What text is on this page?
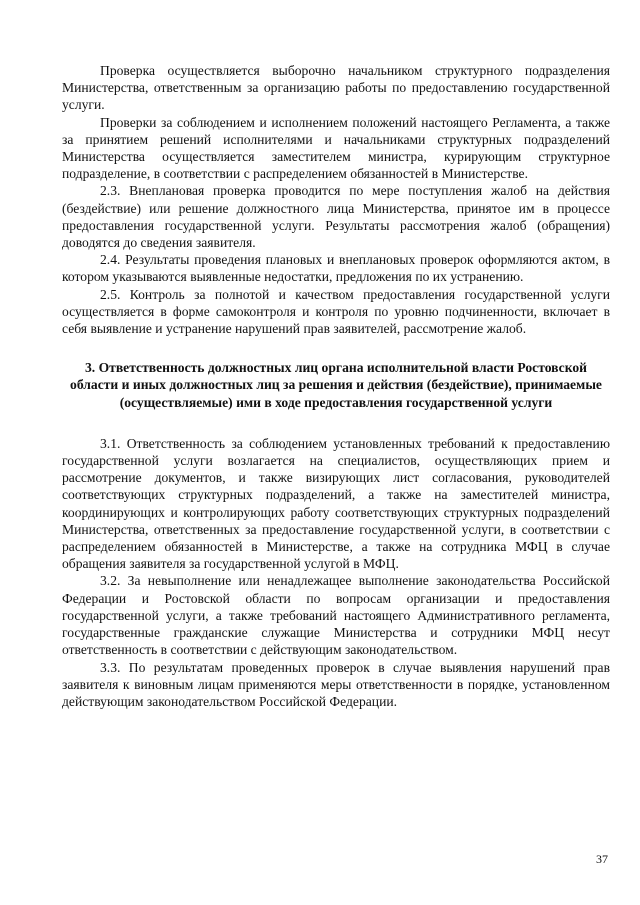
Проверка осуществляется выборочно начальником структурного подразделения Министерства, ответственным за организацию работы по предоставлению государственной услуги.

Проверки за соблюдением и исполнением положений настоящего Регламента, а также за принятием решений исполнителями и начальниками структурных подразделений Министерства осуществляется заместителем министра, курирующим структурное подразделение, в соответствии с распределением обязанностей в Министерстве.

2.3. Внеплановая проверка проводится по мере поступления жалоб на действия (бездействие) или решение должностного лица Министерства, принятое им в процессе предоставления государственной услуги. Результаты рассмотрения жалоб (обращения) доводятся до сведения заявителя.

2.4. Результаты проведения плановых и внеплановых проверок оформляются актом, в котором указываются выявленные недостатки, предложения по их устранению.

2.5. Контроль за полнотой и качеством предоставления государственной услуги осуществляется в форме самоконтроля и контроля по уровню подчиненности, включает в себя выявление и устранение нарушений прав заявителей, рассмотрение жалоб.

3. Ответственность должностных лиц органа исполнительной власти Ростовской области и иных должностных лиц за решения и действия (бездействие), принимаемые (осуществляемые) ими в ходе предоставления государственной услуги

3.1. Ответственность за соблюдением установленных требований к предоставлению государственной услуги возлагается на специалистов, осуществляющих прием и рассмотрение документов, и также визирующих лист согласования, руководителей соответствующих структурных подразделений, а также на заместителей министра, координирующих и контролирующих работу соответствующих структурных подразделений Министерства, ответственных за предоставление государственной услуги, в соответствии с распределением обязанностей в Министерстве, а также на сотрудника МФЦ в случае обращения заявителя за государственной услугой в МФЦ.

3.2. За невыполнение или ненадлежащее выполнение законодательства Российской Федерации и Ростовской области по вопросам организации и предоставления государственной услуги, а также требований настоящего Административного регламента, государственные гражданские служащие Министерства и сотрудники МФЦ несут ответственность в соответствии с действующим законодательством.

3.3. По результатам проведенных проверок в случае выявления нарушений прав заявителя к виновным лицам применяются меры ответственности в порядке, установленном действующим законодательством Российской Федерации.

37
